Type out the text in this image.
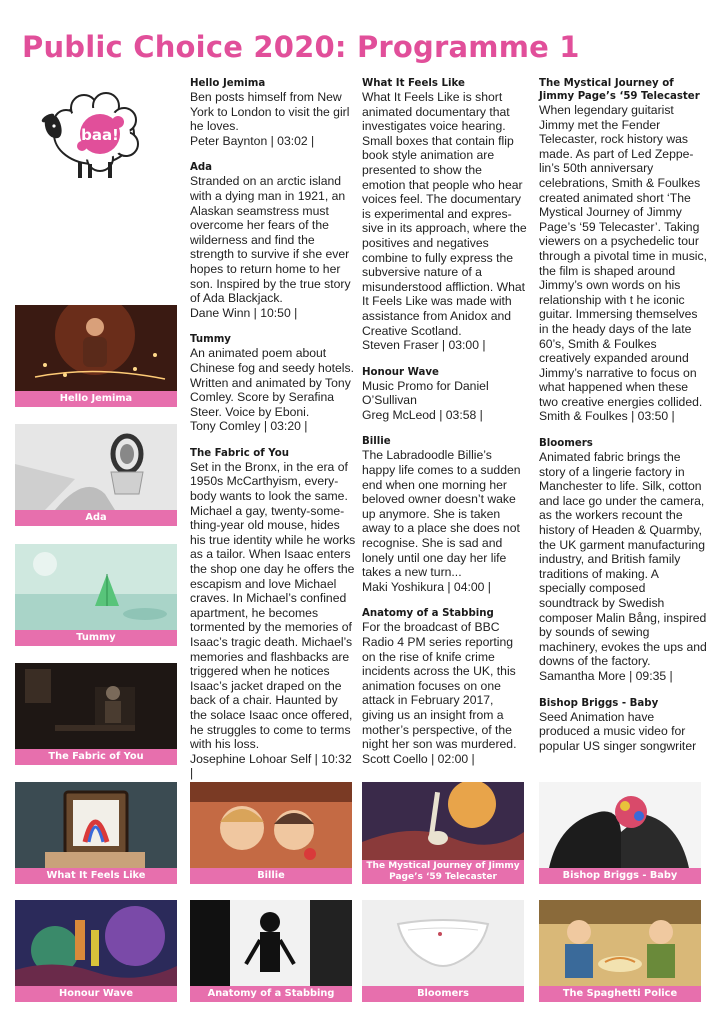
Public Choice 2020: Programme 1
baa!
Hello Jemima

Ben posts himself from New York to London to visit the girl he loves.

Peter Baynton | 03:02 |
Ada

Stranded on an arctic island with a dying man in 1921, an Alaskan seamstress must overcome her fears of the wilderness and find the strength to survive if she ever hopes to return home to her son. Inspired by the true story of Ada Blackjack.

Dane Winn | 10:50 |
Tummy

An animated poem about Chinese fog and seedy hotels. Written and animated by Tony Comley. Score by Serafina Steer. Voice by Eboni.

Tony Comley | 03:20 |
The Fabric of You

Set in the Bronx, in the era of 1950s McCarthyism, every-body wants to look the same. Michael a gay, twenty-some-thing-year old mouse, hides his true identity while he works as a tailor. When Isaac enters the shop one day he offers the escapism and love Michael craves. In Michael’s confined apartment, he becomes tormented by the memories of Isaac’s tragic death. Michael’s memories and flashbacks are triggered when he notices Isaac’s jacket draped on the back of a chair. Haunted by the solace Isaac once offered, he struggles to come to terms with his loss.

Josephine Lohoar Self | 10:32 |
What It Feels Like

What It Feels Like is short animated documentary that investigates voice hearing. Small boxes that contain flip book style animation are presented to show the emotion that people who hear voices feel. The documentary is experimental and expres-sive in its approach, where the positives and negatives combine to fully express the subversive nature of a misunderstood affliction. What It Feels Like was made with assistance from Anidox and Creative Scotland.

Steven Fraser | 03:00 |
Honour Wave

Music Promo for Daniel O’Sullivan

Greg McLeod | 03:58 |
Billie

The Labradoodle Billie’s happy life comes to a sudden end when one morning her beloved owner doesn’t wake up anymore. She is taken away to a place she does not recognise. She is sad and lonely until one day her life takes a new turn...

Maki Yoshikura | 04:00 |
Anatomy of a Stabbing

For the broadcast of BBC Radio 4 PM series reporting on the rise of knife crime incidents across the UK, this animation focuses on one attack in February 2017, giving us an insight from a mother’s perspective, of the night her son was murdered.

Scott Coello | 02:00 |
The Mystical Journey of Jimmy Page’s ‘59 Telecaster

When legendary guitarist Jimmy met the Fender Telecaster, rock history was made. As part of Led Zeppe-lin’s 50th anniversary celebrations, Smith & Foulkes created animated short ‘The Mystical Journey of Jimmy Page’s ‘59 Telecaster’. Taking viewers on a psychedelic tour through a pivotal time in music, the film is shaped around Jimmy’s own words on his relationship with t he iconic guitar. Immersing themselves in the heady days of the late 60’s, Smith & Foulkes creatively expanded around Jimmy’s narrative to focus on what happened when these two creative energies collided.

Smith & Foulkes | 03:50 |
Bloomers

Animated fabric brings the story of a lingerie factory in Manchester to life. Silk, cotton and lace go under the camera, as the workers recount the history of Headen & Quarmby, the UK garment manufacturing industry, and British family traditions of making. A specially composed soundtrack by Swedish composer Malin Bång, inspired by sounds of sewing machinery, evokes the ups and downs of the factory.

Samantha More | 09:35 |
Bishop Briggs - Baby

Seed Animation have produced a music video for popular US singer songwriter

Hello Jemima
Ada
Tummy
The Fabric of You
What It Feels Like
Honour Wave
Billie
The Mystical Journey of Jimmy Page’s ‘59 Telecaster	Bishop Briggs - Baby
Anatomy of a Stabbing	Bloomers	The Spaghetti Police
